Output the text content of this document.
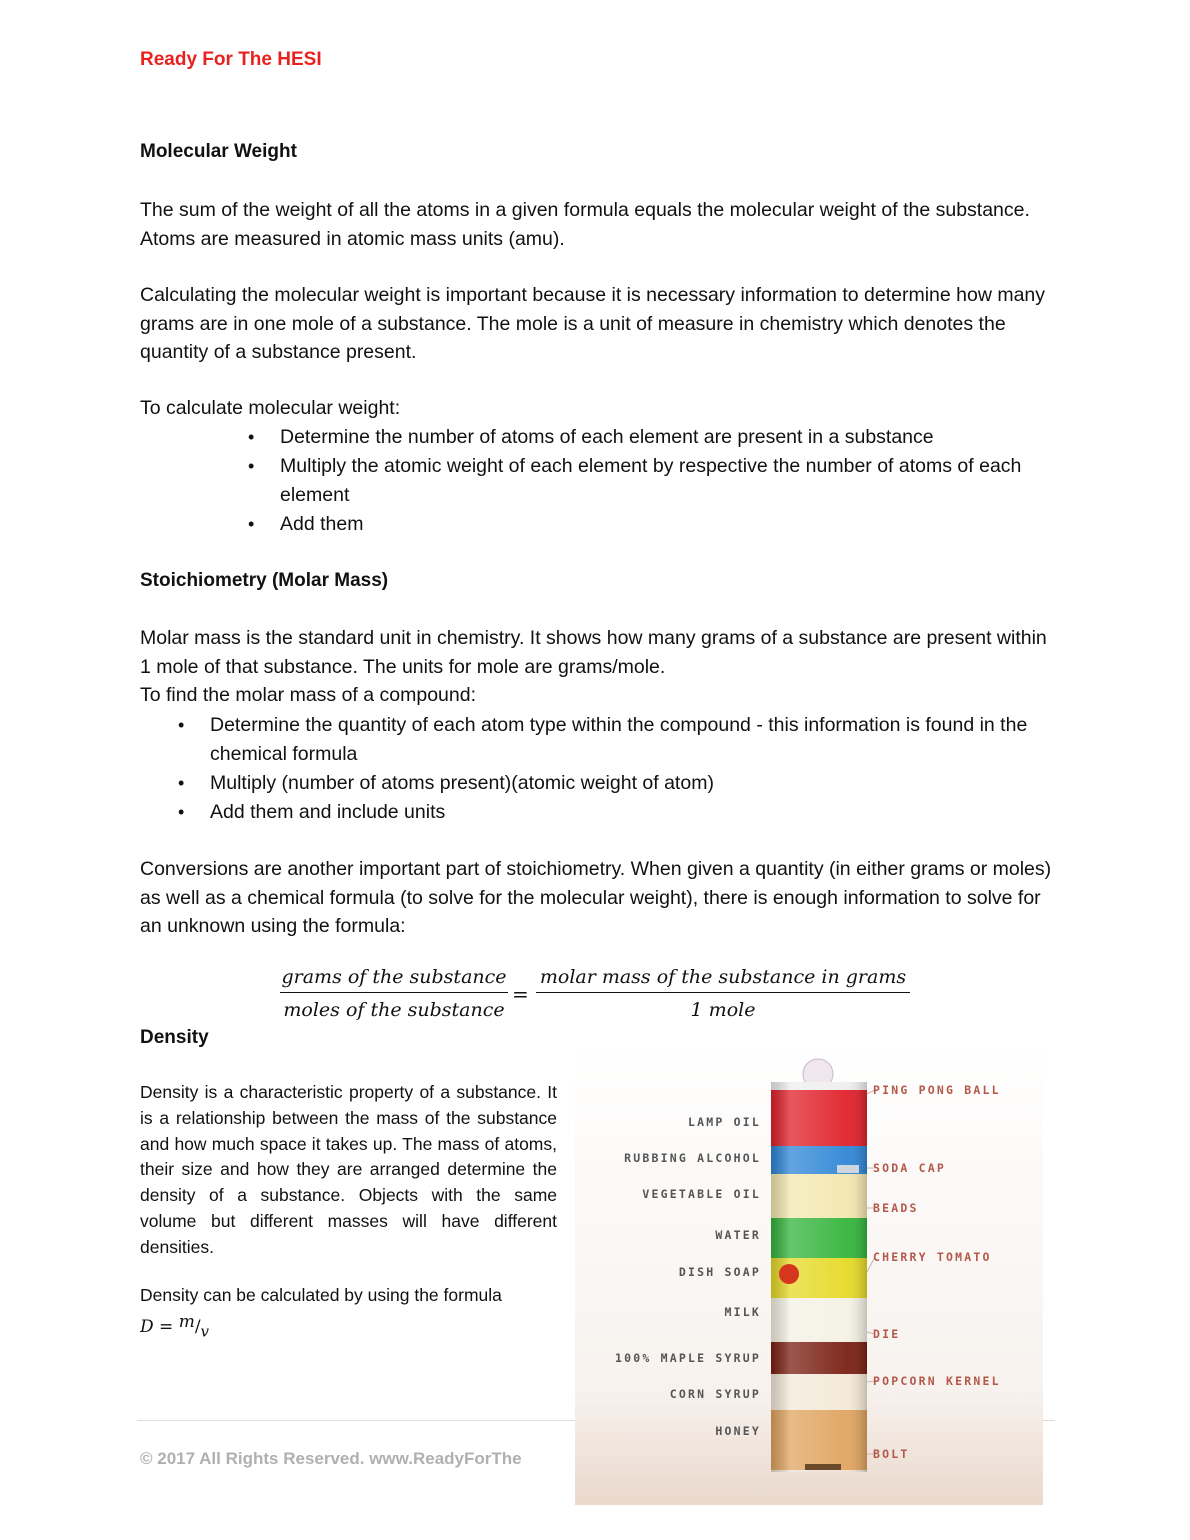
Ready For The HESI
Molecular Weight

The sum of the weight of all the atoms in a given formula equals the molecular weight of the substance. Atoms are measured in atomic mass units (amu).

Calculating the molecular weight is important because it is necessary information to determine how many grams are in one mole of a substance. The mole is a unit of measure in chemistry which denotes the quantity of a substance present.

To calculate molecular weight:

• Determine the number of atoms of each element are present in a substance
• Multiply the atomic weight of each element by respective the number of atoms of each element
• Add them
Stoichiometry (Molar Mass)

Molar mass is the standard unit in chemistry. It shows how many grams of a substance are present within 1 mole of that substance. The units for mole are grams/mole.

To find the molar mass of a compound:

• Determine the quantity of each atom type within the compound - this information is found in the chemical formula
• Multiply (number of atoms present)(atomic weight of atom)
• Add them and include units

Conversions are another important part of stoichiometry. When given a quantity (in either grams or moles) as well as a chemical formula (to solve for the molecular weight), there is enough information to solve for an unknown using the formula:

grams of the substance
moles of the substance
=
molar mass of the substance in grams
1 mole
Density

Density is a characteristic property of a substance. It is a relationship between the mass of the substance and how much space it takes up. The mass of atoms, their size and how they are arranged determine the density of a substance. Objects with the same volume but different masses will have different densities.

Density can be calculated by using the formula
$D = ^m/_v$
© 2017 All Rights Reserved. www.ReadyForThe
LAMP OIL
RUBBING ALCOHOL
VEGETABLE OIL
WATER
DISH SOAP
MILK
100% MAPLE SYRUP
CORN SYRUP
HONEY
PING PONG BALL
SODA CAP
BEADS
CHERRY TOMATO
DIE
POPCORN KERNEL
BOLT
